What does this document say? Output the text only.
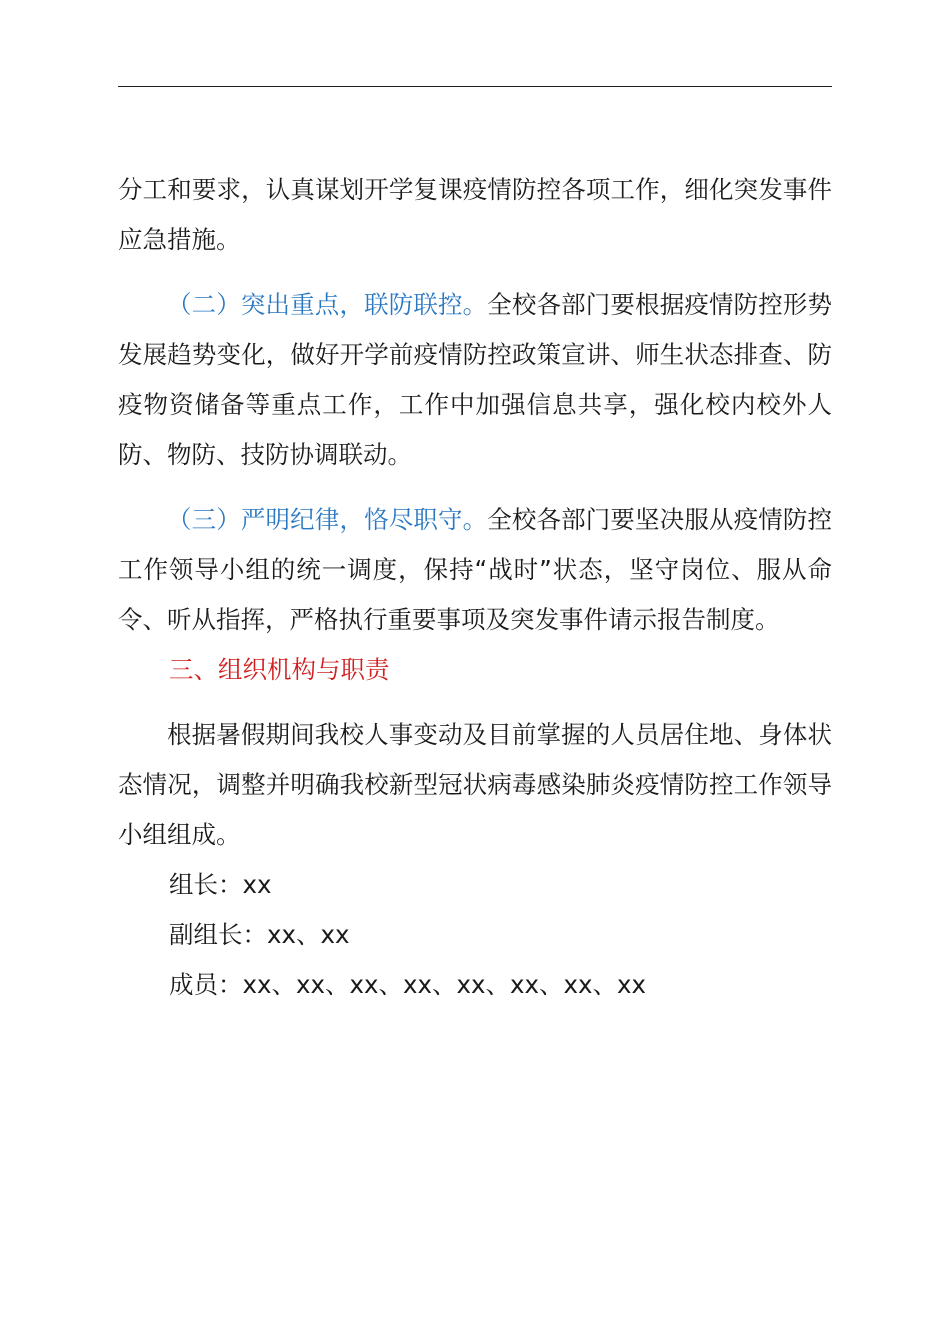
分工和要求，认真谋划开学复课疫情防控各项工作，细化突发事件应急措施。

（二）突出重点，联防联控。全校各部门要根据疫情防控形势发展趋势变化，做好开学前疫情防控政策宣讲、师生状态排查、防疫物资储备等重点工作，工作中加强信息共享，强化校内校外人防、物防、技防协调联动。

（三）严明纪律，恪尽职守。全校各部门要坚决服从疫情防控工作领导小组的统一调度，保持“战时”状态，坚守岗位、服从命令、听从指挥，严格执行重要事项及突发事件请示报告制度。

三、组织机构与职责

根据暑假期间我校人事变动及目前掌握的人员居住地、身体状态情况，调整并明确我校新型冠状病毒感染肺炎疫情防控工作领导小组组成。

组长：xx

副组长：xx、xx

成员：xx、xx、xx、xx、xx、xx、xx、xx
